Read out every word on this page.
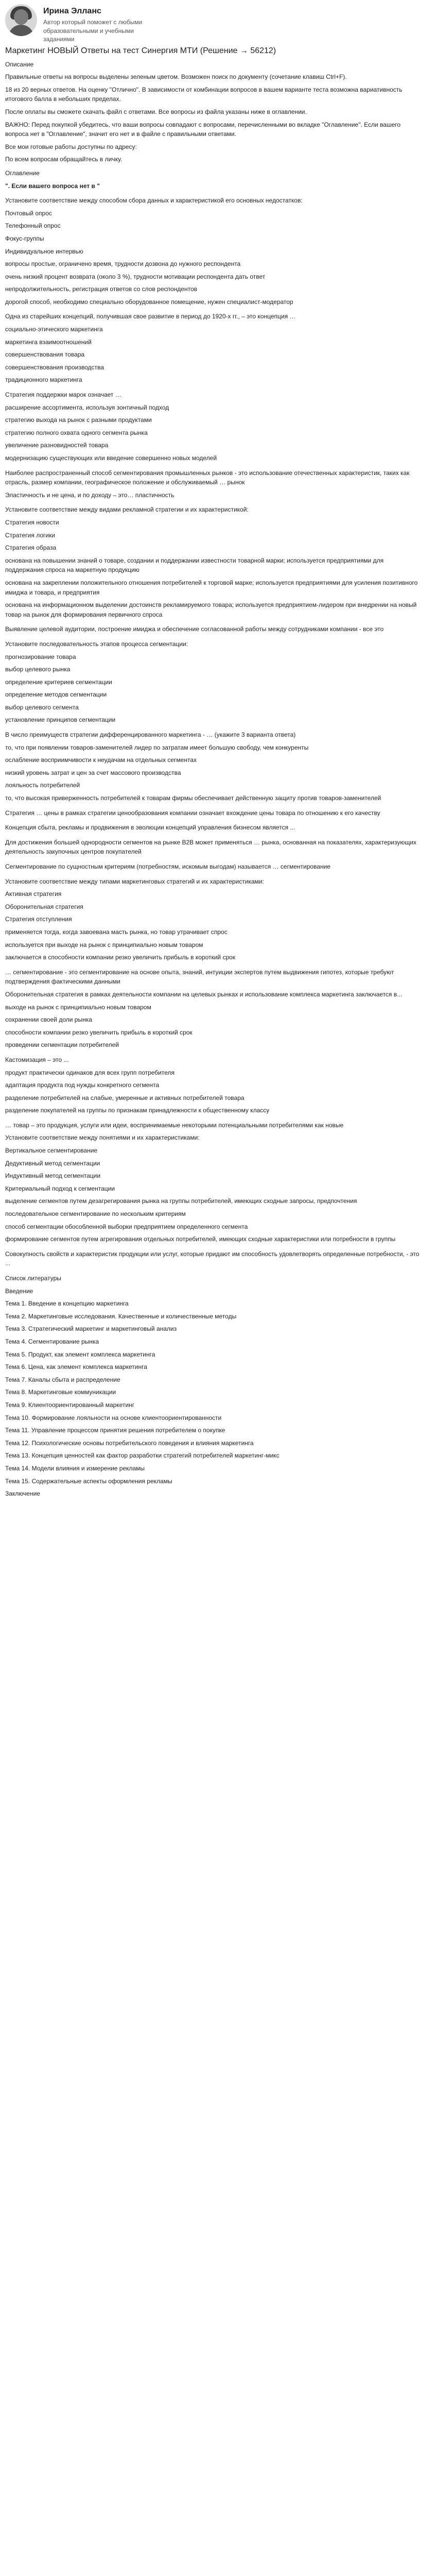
Ирина Элланс
Автор который поможет с любыми образовательными и учебными заданиями
Маркетинг НОВЫЙ Ответы на тест Синергия МТИ (Решение → 56212)

Описание

Правильные ответы на вопросы выделены зеленым цветом. Возможен поиск по документу (сочетание клавиш Ctrl+F).

18 из 20 верных ответов. На оценку "Отлично". В зависимости от комбинации вопросов в вашем варианте теста возможна вариативность итогового балла в небольших пределах.

После оплаты вы сможете скачать файл с ответами. Все вопросы из файла указаны ниже в оглавлении.

ВАЖНО: Перед покупкой убедитесь, что ваши вопросы совпадают с вопросами, перечисленными во вкладке "Оглавление". Если вашего вопроса нет в "Оглавление", значит его нет и в файле с правильными ответами.

Все мои готовые работы доступны по адресу:

По всем вопросам обращайтесь в личку.

Оглавление

". Если вашего вопроса нет в "

Установите соответствие между способом сбора данных и характеристикой его основных недостатков:

Почтовый опрос

Телефонный опрос

Фокус-группы

Индивидуальное интервью

вопросы простые, ограничено время, трудности дозвона до нужного респондента

очень низкий процент возврата (около 3 %), трудности мотивации респондента дать ответ

непродолжительность, регистрация ответов со слов респондентов

дорогой способ, необходимо специально оборудованное помещение, нужен специалист-модератор

Одна из старейших концепций, получившая свое развитие в период до 1920-х гг., – это концепция …

социально-этического маркетинга

маркетинга взаимоотношений

совершенствования товара

совершенствования производства

традиционного маркетинга

Стратегия поддержки марок означает …

расширение ассортимента, используя зонтичный подход

стратегию выхода на рынок с разными продуктами

стратегию полного охвата одного сегмента рынка

увеличение разновидностей товара

модернизацию существующих или введение совершенно новых моделей

Наиболее распространенный способ сегментирования промышленных рынков - это использование отечественных характеристик, таких как отрасль, размер компании, географическое положение и обслуживаемый … рынок

Эластичность и не цена, и по доходу – это… пластичность

Установите соответствие между видами рекламной стратегии и их характеристикой:

Стратегия новости

Стратегия логики

Стратегия образа

основана на повышении знаний о товаре, создании и поддержании известности товарной марки; используется предприятиями для поддержания спроса на маркетную продукцию

основана на закреплении положительного отношения потребителей к торговой марке; используется предприятиями для усиления позитивного имиджа и товара, и предприятия

основана на информационном выделении достоинств рекламируемого товара; используется предприятием-лидером при внедрении на новый товар на рынок для формирования первичного спроса

Выявление целевой аудитории, построение имиджа и обеспечение согласованной работы между сотрудниками компании - все это

Установите последовательность этапов процесса сегментации:

прогнозирование товара

выбор целевого рынка

определение критериев сегментации

определение методов сегментации

выбор целевого сегмента

установление принципов сегментации

В число преимуществ стратегии дифференцированного маркетинга - … (укажите 3 варианта ответа)

то, что при появлении товаров-заменителей лидер по затратам имеет большую свободу, чем конкуренты

ослабление восприимчивости к неудачам на отдельных сегментах

низкий уровень затрат и цен за счет массового производства

лояльность потребителей

то, что высокая приверженность потребителей к товарам фирмы обеспечивает действенную защиту против товаров-заменителей

Стратегия … цены в рамках стратегии ценообразования компании означает вхождение цены товара по отношению к его качеству

Концепция сбыта, рекламы и продвижения в эволюции концепций управления бизнесом является ...

Для достижения большей однородности сегментов на рынке B2B может применяться … рынка, основанная на показателях, характеризующих деятельность закупочных центров покупателей

Сегментирование по сущностным критериям (потребностям, искомым выгодам) называется … сегментирование

Установите соответствие между типами маркетинговых стратегий и их характеристиками:

Активная стратегия

Оборонительная стратегия

Стратегия отступления

применяется тогда, когда завоевана масть рынка, но товар утрачивает спрос

используется при выходе на рынок с принципиально новым товаром

заключается в способности компании резко увеличить прибыль в короткий срок

… сегментирование - это сегментирование на основе опыта, знаний, интуиции экспертов путем выдвижения гипотез, которые требуют подтверждения фактическими данными

Оборонительная стратегия в рамках деятельности компании на целевых рынках и использование комплекса маркетинга заключается в...

выходе на рынок с принципиально новым товаром

сохранении своей доли рынка

способности компании резко увеличить прибыль в короткий срок

проведении сегментации потребителей

Кастомизация – это ...

продукт практически одинаков для всех групп потребителя

адаптация продукта под нужды конкретного сегмента

разделение потребителей на слабые, умеренные и активных потребителей товара

разделение покупателей на группы по признакам принадлежности к общественному классу

… товар – это продукция, услуги или идеи, воспринимаемые некоторыми потенциальными потребителями как новые

Установите соответствие между понятиями и их характеристиками:

Вертикальное сегментирование

Дедуктивный метод сегментации

Индуктивный метод сегментации

Критериальный подход к сегментации

выделение сегментов путем дезагрегирования рынка на группы потребителей, имеющих сходные запросы, предпочтения

последовательное сегментирование по нескольким критериям

способ сегментации обособленной выборки предприятием определенного сегмента

формирование сегментов путем агрегирования отдельных потребителей, имеющих сходные характеристики или потребности в группы

Совокупность свойств и характеристик продукции или услуг, которые придают им способность удовлетворять определенные потребности, - это ...

Список литературы

Введение

Тема 1. Введение в концепцию маркетинга

Тема 2. Маркетинговые исследования. Качественные и количественные методы

Тема 3. Стратегический маркетинг и маркетинговый анализ

Тема 4. Сегментирование рынка

Тема 5. Продукт, как элемент комплекса маркетинга

Тема 6. Цена, как элемент комплекса маркетинга

Тема 7. Каналы сбыта и распределение

Тема 8. Маркетинговые коммуникации

Тема 9. Клиентоориентированный маркетинг

Тема 10. Формирование лояльности на основе клиентоориентированности

Тема 11. Управление процессом принятия решения потребителем о покупке

Тема 12. Психологические основы потребительского поведения и влияния маркетинга

Тема 13. Концепция ценностей как фактор разработки стратегий потребителей маркетинг-микс

Тема 14. Модели влияния и измерение рекламы

Тема 15. Содержательные аспекты оформления рекламы

Заключение
